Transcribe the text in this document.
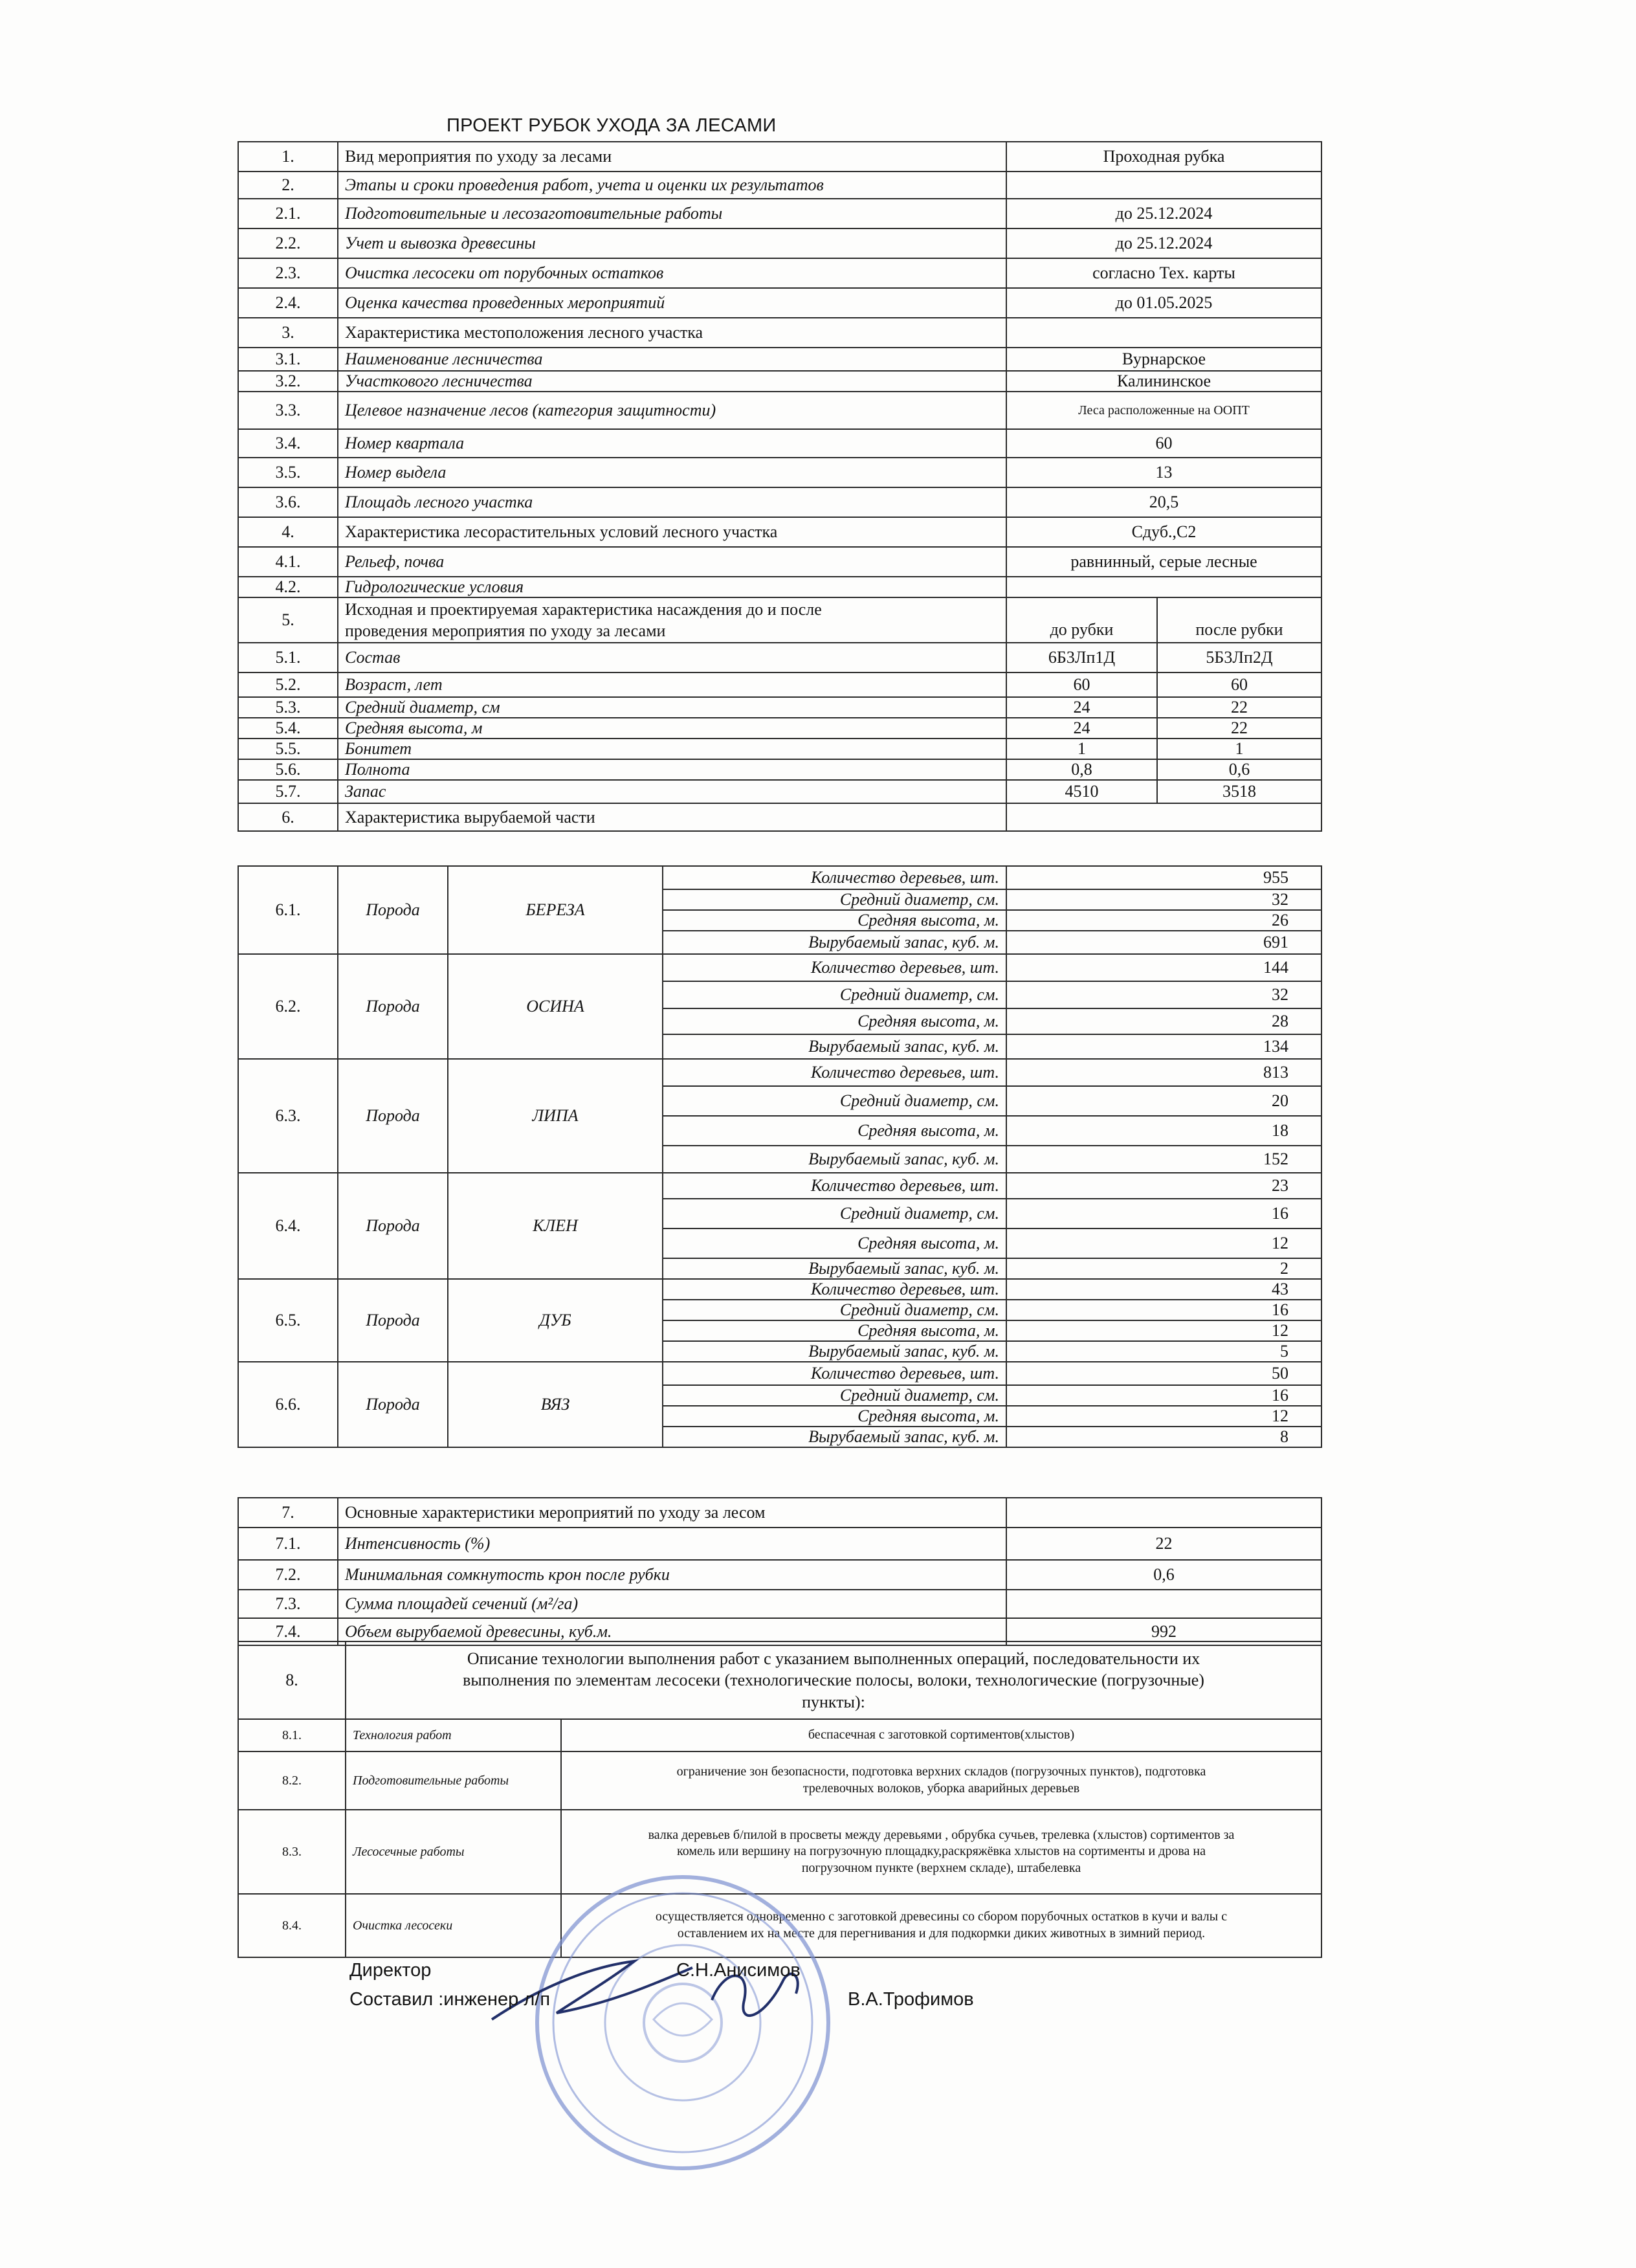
ПРОЕКТ РУБОК УХОДА ЗА ЛЕСАМИ
1.	Вид мероприятия по уходу за лесами	Проходная рубка	
2.	Этапы и сроки проведения работ, учета и оценки их результатов		
2.1.	Подготовительные и лесозаготовительные работы	до 25.12.2024	
2.2.	Учет и вывозка древесины	до 25.12.2024	
2.3.	Очистка лесосеки от порубочных остатков	согласно Тех. карты	
2.4.	Оценка качества проведенных мероприятий	до 01.05.2025	
3.	Характеристика местоположения лесного участка		
3.1.	Наименование лесничества	Вурнарское	
3.2.	Участкового лесничества	Калининское	
3.3.	Целевое назначение лесов (категория защитности)	Леса расположенные на ООПТ	
3.4.	Номер квартала	60	
3.5.	Номер выдела	13	
3.6.	Площадь лесного участка	20,5	
4.	Характеристика лесорастительных условий лесного участка	Сдуб.,С2	
4.1.	Рельеф, почва	равнинный, серые лесные	
4.2.	Гидрологические условия		
5.	Исходная и проектируемая характеристика насаждения до и после
проведения мероприятия по уходу за лесами	до рубки	после рубки
5.1.	Состав	6Б3Лп1Д	5Б3Лп2Д
5.2.	Возраст, лет	60	60
5.3.	Средний диаметр, см	24	22
5.4.	Средняя высота, м	24	22
5.5.	Бонитет	1	1
5.6.	Полнота	0,8	0,6
5.7.	Запас	4510	3518
6.	Характеристика вырубаемой части		
6.1.	Порода	БЕРЕЗА	Количество деревьев, шт.	955
			Средний диаметр, см.	32
			Средняя высота, м.	26
			Вырубаемый запас, куб. м.	691
6.2.	Порода	ОСИНА	Количество деревьев, шт.	144
			Средний диаметр, см.	32
			Средняя высота, м.	28
			Вырубаемый запас, куб. м.	134
6.3.	Порода	ЛИПА	Количество деревьев, шт.	813
			Средний диаметр, см.	20
			Средняя высота, м.	18
			Вырубаемый запас, куб. м.	152
6.4.	Порода	КЛЕН	Количество деревьев, шт.	23
			Средний диаметр, см.	16
			Средняя высота, м.	12
			Вырубаемый запас, куб. м.	2
6.5.	Порода	ДУБ	Количество деревьев, шт.	43
			Средний диаметр, см.	16
			Средняя высота, м.	12
			Вырубаемый запас, куб. м.	5
6.6.	Порода	ВЯЗ	Количество деревьев, шт.	50
			Средний диаметр, см.	16
			Средняя высота, м.	12
			Вырубаемый запас, куб. м.	8
7.	Основные характеристики мероприятий по уходу за лесом	
7.1.	Интенсивность (%)	22
7.2.	Минимальная сомкнутость крон после рубки	0,6
7.3.	Сумма площадей сечений (м²/га)	
7.4.	Объем вырубаемой древесины, куб.м.	992
8.	Описание технологии выполнения работ с указанием выполненных операций, последовательности их
выполнения по элементам лесосеки (технологические полосы, волоки, технологические (погрузочные)
пункты):	

8.1.	Технология работ	беспасечная с заготовкой сортиментов(хлыстов)

8.2.	Подготовительные работы	ограничение зон безопасности, подготовка верхних складов (погрузочных пунктов), подготовка
трелевочных волоков, уборка аварийных деревьев

8.3.	Лесосечные работы	валка деревьев б/пилой в просветы между деревьями , обрубка сучьев, трелевка (хлыстов) сортиментов за
комель или вершину на погрузочную площадку,раскряжёвка хлыстов на сортименты и дрова на
погрузочном пункте (верхнем складе), штабелевка

8.4.	Очистка лесосеки	осуществляется одновременно с заготовкой древесины со сбором порубочных остатков в кучи и валы с
оставлением их на месте для перегнивания и для подкормки диких животных в зимний период.
Директор	С.Н.Анисимов
Составил :инженер л/п	В.А.Трофимов
